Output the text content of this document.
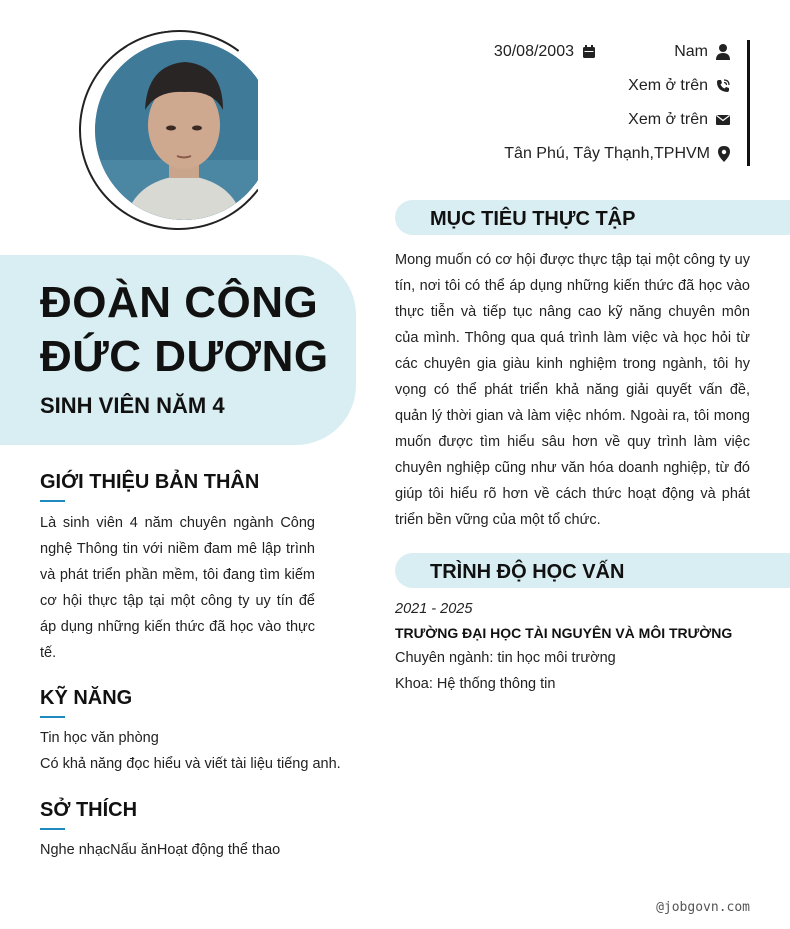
30/08/2003	Nam
Xem ở trên
Xem ở trên
Tân Phú, Tây Thạnh,TPHVM
ĐOÀN CÔNG
ĐỨC DƯƠNG
SINH VIÊN NĂM 4
GIỚI THIỆU BẢN THÂN
Là sinh viên 4 năm chuyên ngành Công nghệ Thông tin với niềm đam mê lập trình và phát triển phần mềm, tôi đang tìm kiếm cơ hội thực tập tại một công ty uy tín để áp dụng những kiến thức đã học vào thực tế.
KỸ NĂNG
Tin học văn phòng
Có khả năng đọc hiểu và viết tài liệu tiếng anh.
SỞ THÍCH
Nghe nhạcNấu ănHoạt động thể thao
MỤC TIÊU THỰC TẬP
Mong muốn có cơ hội được thực tập tại một công ty uy tín, nơi tôi có thể áp dụng những kiến thức đã học vào thực tiễn và tiếp tục nâng cao kỹ năng chuyên môn của mình. Thông qua quá trình làm việc và học hỏi từ các chuyên gia giàu kinh nghiệm trong ngành, tôi hy vọng có thể phát triển khả năng giải quyết vấn đề, quản lý thời gian và làm việc nhóm. Ngoài ra, tôi mong muốn được tìm hiểu sâu hơn về quy trình làm việc chuyên nghiệp cũng như văn hóa doanh nghiệp, từ đó giúp tôi hiểu rõ hơn về cách thức hoạt động và phát triển bền vững của một tổ chức.
TRÌNH ĐỘ HỌC VẤN
2021 - 2025
TRƯỜNG ĐẠI HỌC TÀI NGUYÊN VÀ MÔI TRƯỜNG
Chuyên ngành: tin học môi trường
Khoa: Hệ thống thông tin
@jobgovn.com
